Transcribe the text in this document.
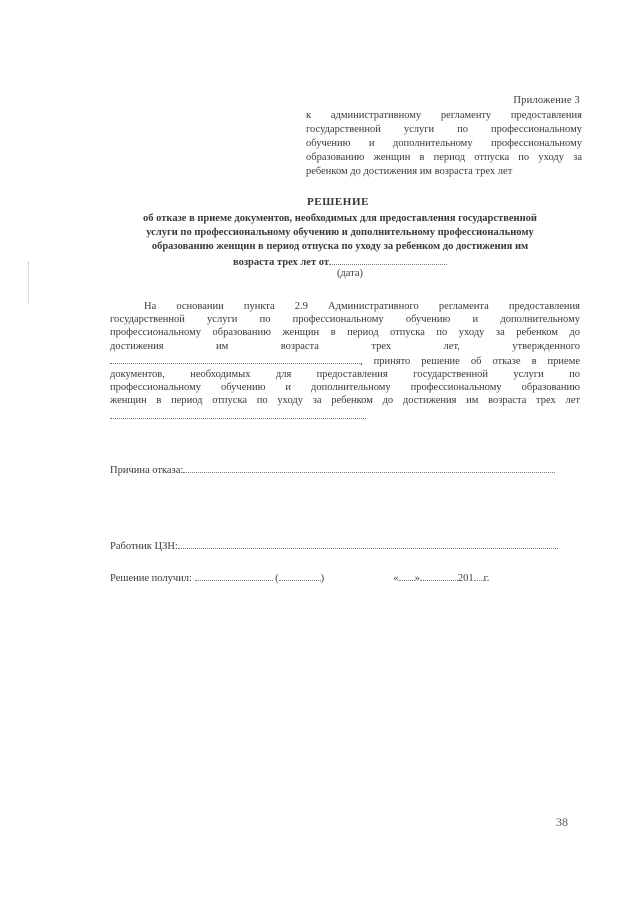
Приложение 3
к административному регламенту предоставления
государственной услуги по профессиональному
обучению и дополнительному профессиональному
образованию женщин в период отпуска по уходу за
ребенком до достижения им возраста трех лет
РЕШЕНИЕ
об отказе в приеме документов, необходимых для предоставления государственной
услуги по профессиональному обучению и дополнительному профессиональному
образованию женщин в период отпуска по уходу за ребенком до достижения им
возраста трех лет от
(дата)
На основании пункта 2.9 Административного регламента предоставления
государственной услуги по профессиональному обучению и дополнительному
профессиональному образованию женщин в период отпуска по уходу за ребенком до
достижения им возраста трех лет, утвержденного
, принято решение об отказе в приеме
документов, необходимых для предоставления государственной услуги по
профессиональному обучению и дополнительному профессиональному образованию
женщин в период отпуска по уходу за ребенком до достижения им возраста трех лет
Причина отказа:
Работник ЦЗН:
Решение получил:	(	)	« »	201 г.
38
